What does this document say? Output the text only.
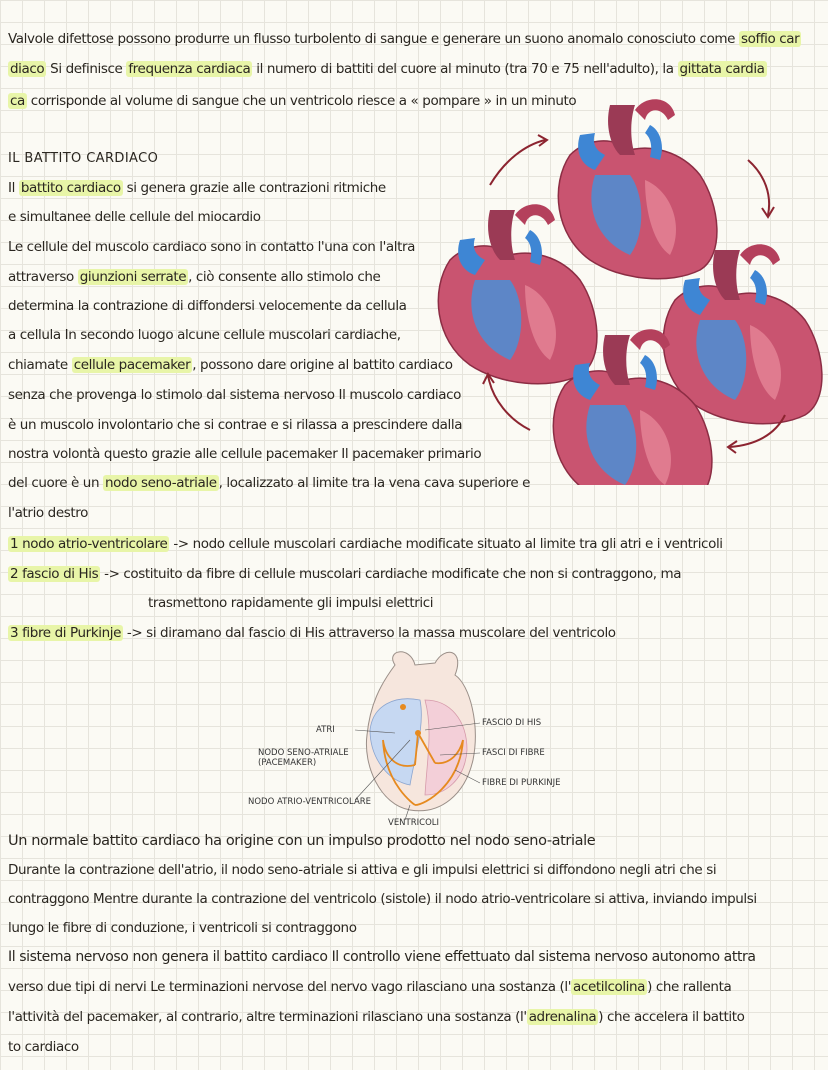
Valvole difettose possono produrre un flusso turbolento di sangue e generare un suono anomalo conosciuto come soffio car
diaco Si definisce frequenza cardiaca il numero di battiti del cuore al minuto (tra 70 e 75 nell'adulto), la gittata cardia
ca corrisponde al volume di sangue che un ventricolo riesce a « pompare » in un minuto
IL BATTITO CARDIACO
Il battito cardiaco si genera grazie alle contrazioni ritmiche
e simultanee delle cellule del miocardio
Le cellule del muscolo cardiaco sono in contatto l'una con l'altra
attraverso giunzioni serrate , ciò consente allo stimolo che
determina la contrazione di diffondersi velocemente da cellula
a cellula In secondo luogo alcune cellule muscolari cardiache,
chiamate cellule pacemaker , possono dare origine al battito cardiaco
senza che provenga lo stimolo dal sistema nervoso Il muscolo cardiaco
è un muscolo involontario che si contrae e si rilassa a prescindere dalla
nostra volontà questo grazie alle cellule pacemaker Il pacemaker primario
del cuore è un nodo seno-atriale , localizzato al limite tra la vena cava superiore e
l'atrio destro
1 nodo atrio-ventricolare -> nodo cellule muscolari cardiache modificate situato al limite tra gli atri e i ventricoli
2 fascio di His -> costituito da fibre di cellule muscolari cardiache modificate che non si contraggono, ma
trasmettono rapidamente gli impulsi elettrici
3 fibre di Purkinje -> si diramano dal fascio di His attraverso la massa muscolare del ventricolo
ATRI
NODO SENO-ATRIALE
(PACEMAKER)
NODO ATRIO-VENTRICOLARE
FASCIO DI HIS
FASCI DI FIBRE
FIBRE DI PURKINJE
VENTRICOLI
Un normale battito cardiaco ha origine con un impulso prodotto nel nodo seno-atriale
Durante la contrazione dell'atrio, il nodo seno-atriale si attiva e gli impulsi elettrici si diffondono negli atri che si
contraggono Mentre durante la contrazione del ventricolo (sistole) il nodo atrio-ventricolare si attiva, inviando impulsi
lungo le fibre di conduzione, i ventricoli si contraggono
Il sistema nervoso non genera il battito cardiaco Il controllo viene effettuato dal sistema nervoso autonomo attra
verso due tipi di nervi Le terminazioni nervose del nervo vago rilasciano una sostanza (l' acetilcolina ) che rallenta
l'attività del pacemaker, al contrario, altre terminazioni rilasciano una sostanza (l' adrenalina ) che accelera il battito
to cardiaco
